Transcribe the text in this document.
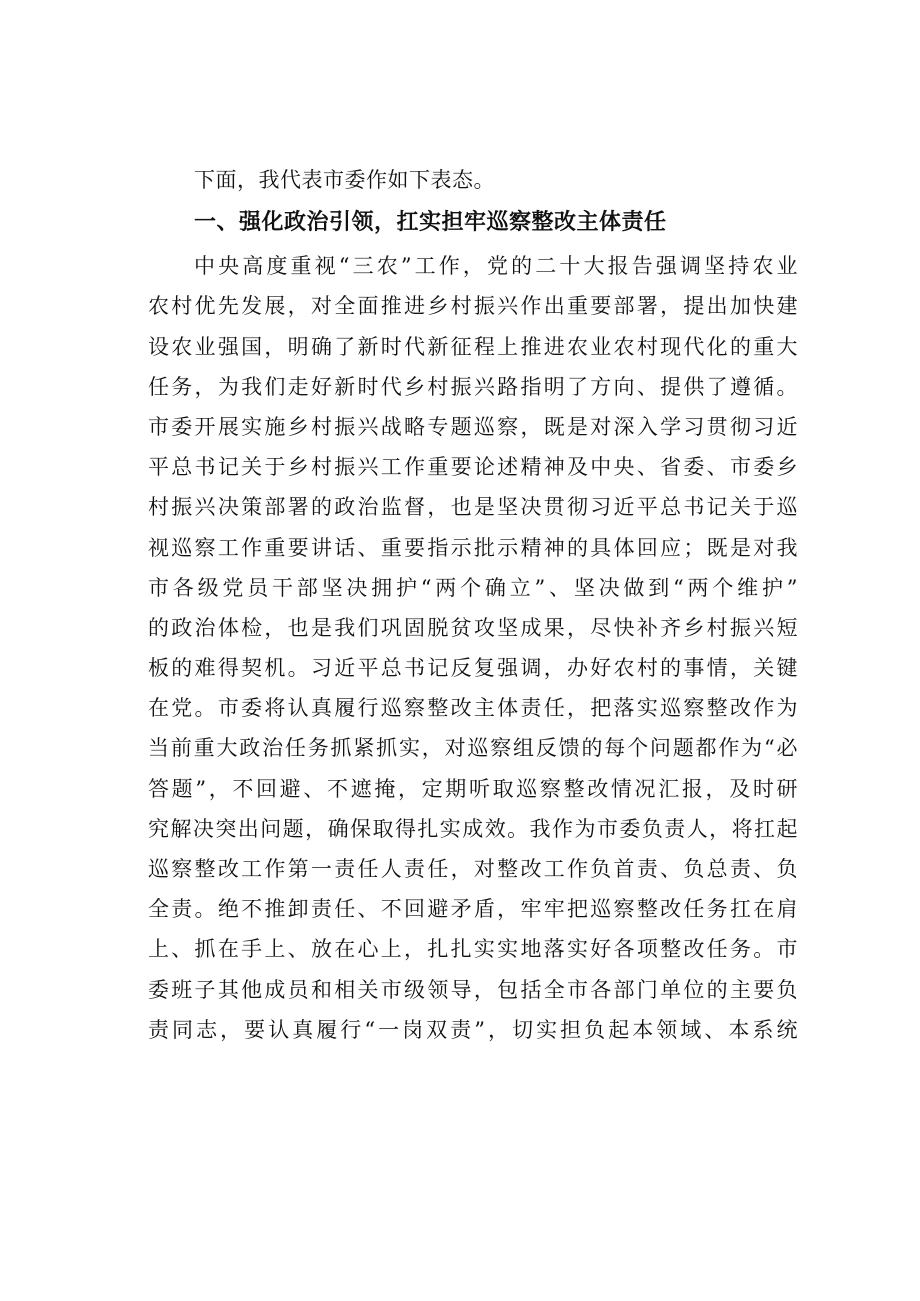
下面，我代表市委作如下表态。

一、强化政治引领，扛实担牢巡察整改主体责任
中央高度重视“三农”工作，党的二十大报告强调坚持农业
农村优先发展，对全面推进乡村振兴作出重要部署，提出加快建
设农业强国，明确了新时代新征程上推进农业农村现代化的重大
任务，为我们走好新时代乡村振兴路指明了方向、提供了遵循。
市委开展实施乡村振兴战略专题巡察，既是对深入学习贯彻习近
平总书记关于乡村振兴工作重要论述精神及中央、省委、市委乡
村振兴决策部署的政治监督，也是坚决贯彻习近平总书记关于巡
视巡察工作重要讲话、重要指示批示精神的具体回应；既是对我
市各级党员干部坚决拥护“两个确立”、坚决做到“两个维护”
的政治体检，也是我们巩固脱贫攻坚成果，尽快补齐乡村振兴短
板的难得契机。习近平总书记反复强调，办好农村的事情，关键
在党。市委将认真履行巡察整改主体责任，把落实巡察整改作为
当前重大政治任务抓紧抓实，对巡察组反馈的每个问题都作为“必
答题”，不回避、不遮掩，定期听取巡察整改情况汇报，及时研
究解决突出问题，确保取得扎实成效。我作为市委负责人，将扛起
巡察整改工作第一责任人责任，对整改工作负首责、负总责、负
全责。绝不推卸责任、不回避矛盾，牢牢把巡察整改任务扛在肩
上、抓在手上、放在心上，扎扎实实地落实好各项整改任务。市
委班子其他成员和相关市级领导，包括全市各部门单位的主要负
责同志，要认真履行“一岗双责”，切实担负起本领域、本系统
